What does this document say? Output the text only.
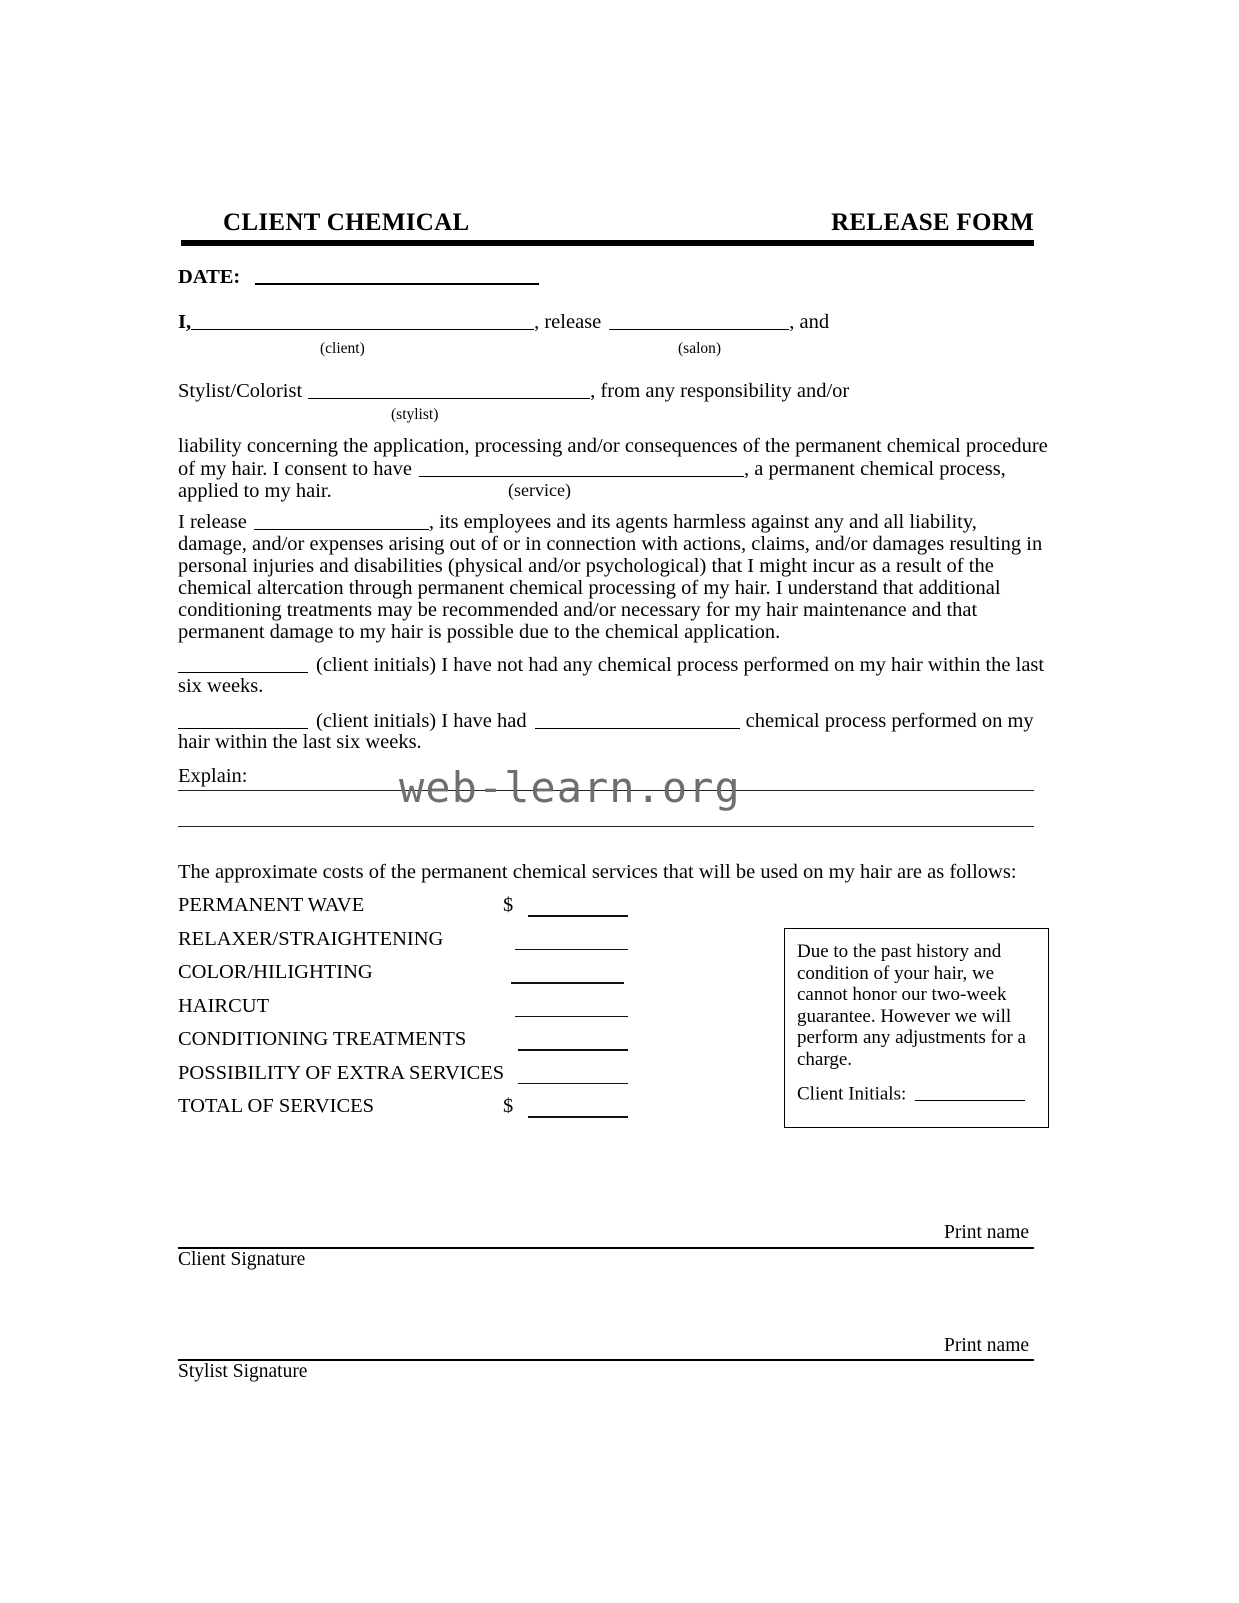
CLIENT CHEMICAL	RELEASE FORM
DATE:
I,	, release	, and
(client)	(salon)
Stylist/Colorist	, from any responsibility and/or
(stylist)
liability concerning the application, processing and/or consequences of the permanent chemical procedure
of my hair. I consent to have	, a permanent chemical process,
applied to my hair.	(service)
I release	, its employees and its agents harmless against any and all liability,
damage, and/or expenses arising out of or in connection with actions, claims, and/or damages resulting in
personal injuries and disabilities (physical and/or psychological) that I might incur as a result of the
chemical altercation through permanent chemical processing of my hair. I understand that additional
conditioning treatments may be recommended and/or necessary for my hair maintenance and that
permanent damage to my hair is possible due to the chemical application.
(client initials) I have not had any chemical process performed on my hair within the last
six weeks.
(client initials) I have had	chemical process performed on my
hair within the last six weeks.
Explain:	web-learn.org
The approximate costs of the permanent chemical services that will be used on my hair are as follows:
PERMANENT WAVE	$
RELAXER/STRAIGHTENING
COLOR/HILIGHTING
HAIRCUT
CONDITIONING TREATMENTS
POSSIBILITY OF EXTRA SERVICES
TOTAL OF SERVICES	$
Due to the past history and condition of your hair, we cannot honor our two-week guarantee. However we will perform any adjustments for a charge.
Client Initials:
Print name
Client Signature
Print name
Stylist Signature
